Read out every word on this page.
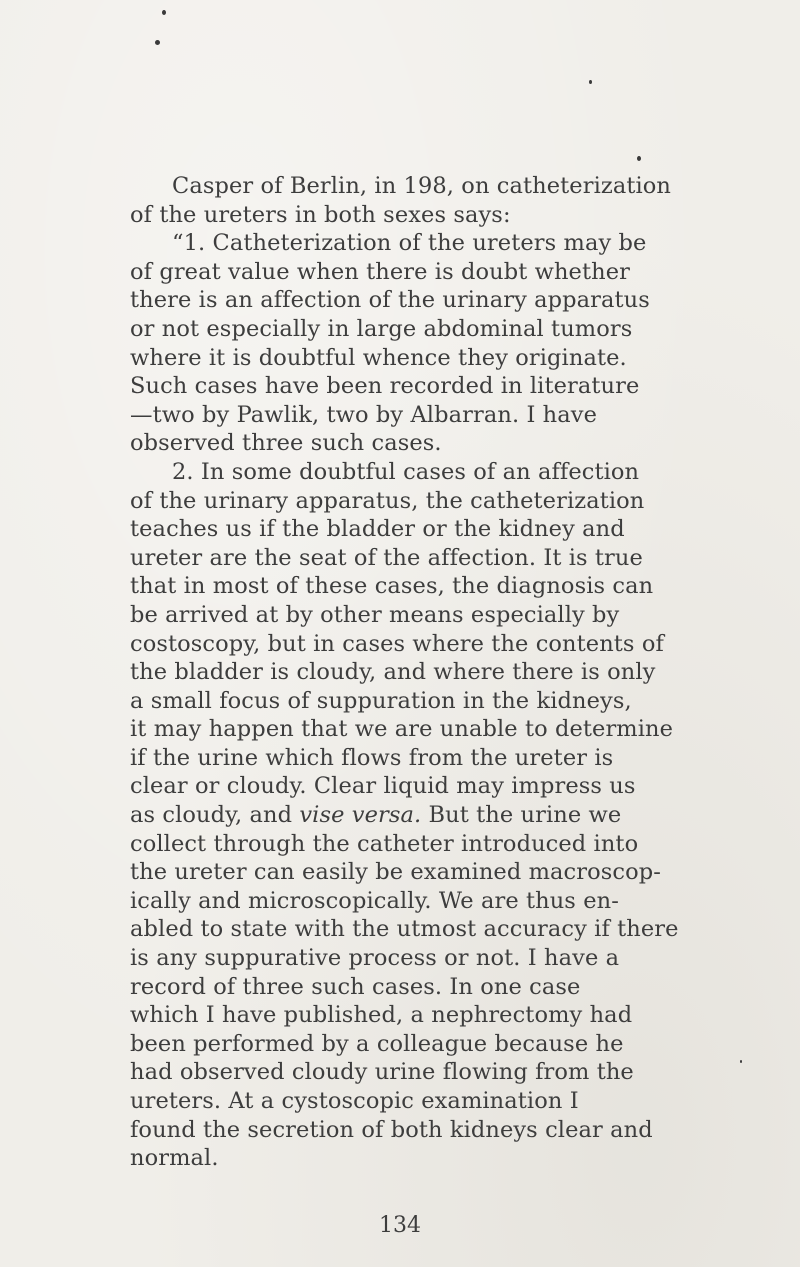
Casper of Berlin, in 198, on catheterization
of the ureters in both sexes says:
“1. Catheterization of the ureters may be
of great value when there is doubt whether
there is an affection of the urinary apparatus
or not especially in large abdominal tumors
where it is doubtful whence they originate.
Such cases have been recorded in literature
—two by Pawlik, two by Albarran. I have
observed three such cases.
2. In some doubtful cases of an affection
of the urinary apparatus, the catheterization
teaches us if the bladder or the kidney and
ureter are the seat of the affection. It is true
that in most of these cases, the diagnosis can
be arrived at by other means especially by
costoscopy, but in cases where the contents of
the bladder is cloudy, and where there is only
a small focus of suppuration in the kidneys,
it may happen that we are unable to determine
if the urine which flows from the ureter is
clear or cloudy. Clear liquid may impress us
as cloudy, and vise versa. But the urine we
collect through the catheter introduced into
the ureter can easily be examined macroscop-
ically and microscopically. We are thus en-
abled to state with the utmost accuracy if there
is any suppurative process or not. I have a
record of three such cases. In one case
which I have published, a nephrectomy had
been performed by a colleague because he
had observed cloudy urine flowing from the
ureters. At a cystoscopic examination I
found the secretion of both kidneys clear and
normal.
134
